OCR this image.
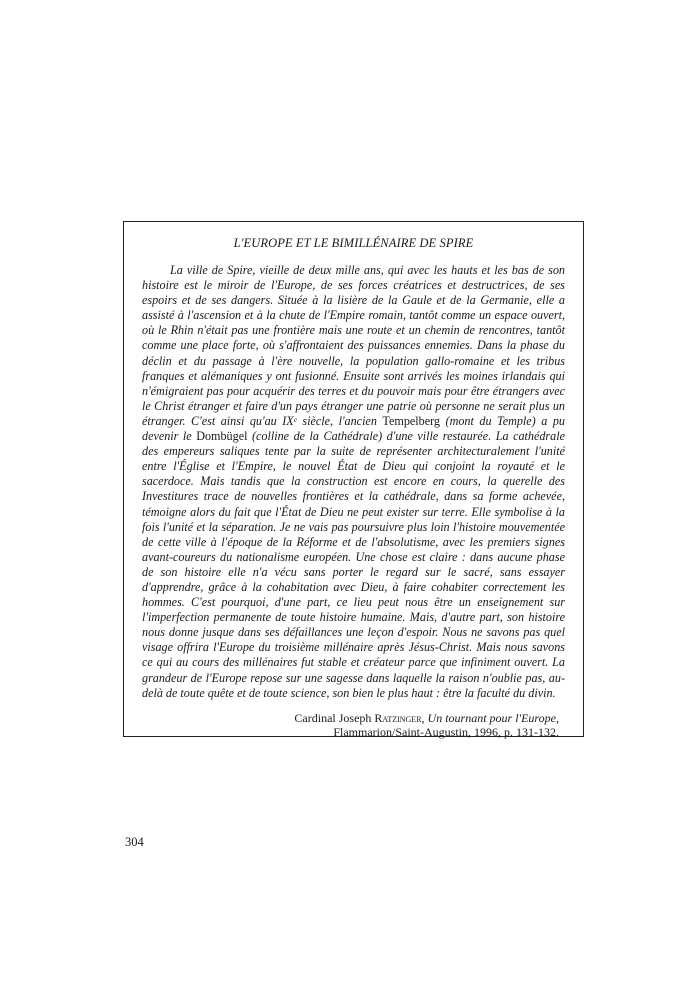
L'EUROPE ET LE BIMILLÉNAIRE DE SPIRE

La ville de Spire, vieille de deux mille ans, qui avec les hauts et les bas de son histoire est le miroir de l'Europe, de ses forces créatrices et destructrices, de ses espoirs et de ses dangers. Située à la lisière de la Gaule et de la Germanie, elle a assisté à l'ascension et à la chute de l'Empire romain, tantôt comme un espace ouvert, où le Rhin n'était pas une frontière mais une route et un chemin de rencontres, tantôt comme une place forte, où s'affrontaient des puissances ennemies. Dans la phase du déclin et du passage à l'ère nouvelle, la population gallo-romaine et les tribus franques et alémaniques y ont fusionné. Ensuite sont arrivés les moines irlandais qui n'émigraient pas pour acquérir des terres et du pouvoir mais pour être étrangers avec le Christ étranger et faire d'un pays étranger une patrie où personne ne serait plus un étranger. C'est ainsi qu'au IXe siècle, l'ancien Tempelberg (mont du Temple) a pu devenir le Dombügel (colline de la Cathédrale) d'une ville restaurée. La cathédrale des empereurs saliques tente par la suite de représenter architecturalement l'unité entre l'Église et l'Empire, le nouvel État de Dieu qui conjoint la royauté et le sacerdoce. Mais tandis que la construction est encore en cours, la querelle des Investitures trace de nouvelles frontières et la cathédrale, dans sa forme achevée, témoigne alors du fait que l'État de Dieu ne peut exister sur terre. Elle symbolise à la fois l'unité et la séparation. Je ne vais pas poursuivre plus loin l'histoire mouvementée de cette ville à l'époque de la Réforme et de l'absolutisme, avec les premiers signes avant-coureurs du nationalisme européen. Une chose est claire : dans aucune phase de son histoire elle n'a vécu sans porter le regard sur le sacré, sans essayer d'apprendre, grâce à la cohabitation avec Dieu, à faire cohabiter correctement les hommes. C'est pourquoi, d'une part, ce lieu peut nous être un enseignement sur l'imperfection permanente de toute histoire humaine. Mais, d'autre part, son histoire nous donne jusque dans ses défaillances une leçon d'espoir. Nous ne savons pas quel visage offrira l'Europe du troisième millénaire après Jésus-Christ. Mais nous savons ce qui au cours des millénaires fut stable et créateur parce que infiniment ouvert. La grandeur de l'Europe repose sur une sagesse dans laquelle la raison n'oublie pas, au-delà de toute quête et de toute science, son bien le plus haut : être la faculté du divin.

Cardinal Joseph Ratzinger, Un tournant pour l'Europe,
Flammarion/Saint-Augustin, 1996, p. 131-132.
304
